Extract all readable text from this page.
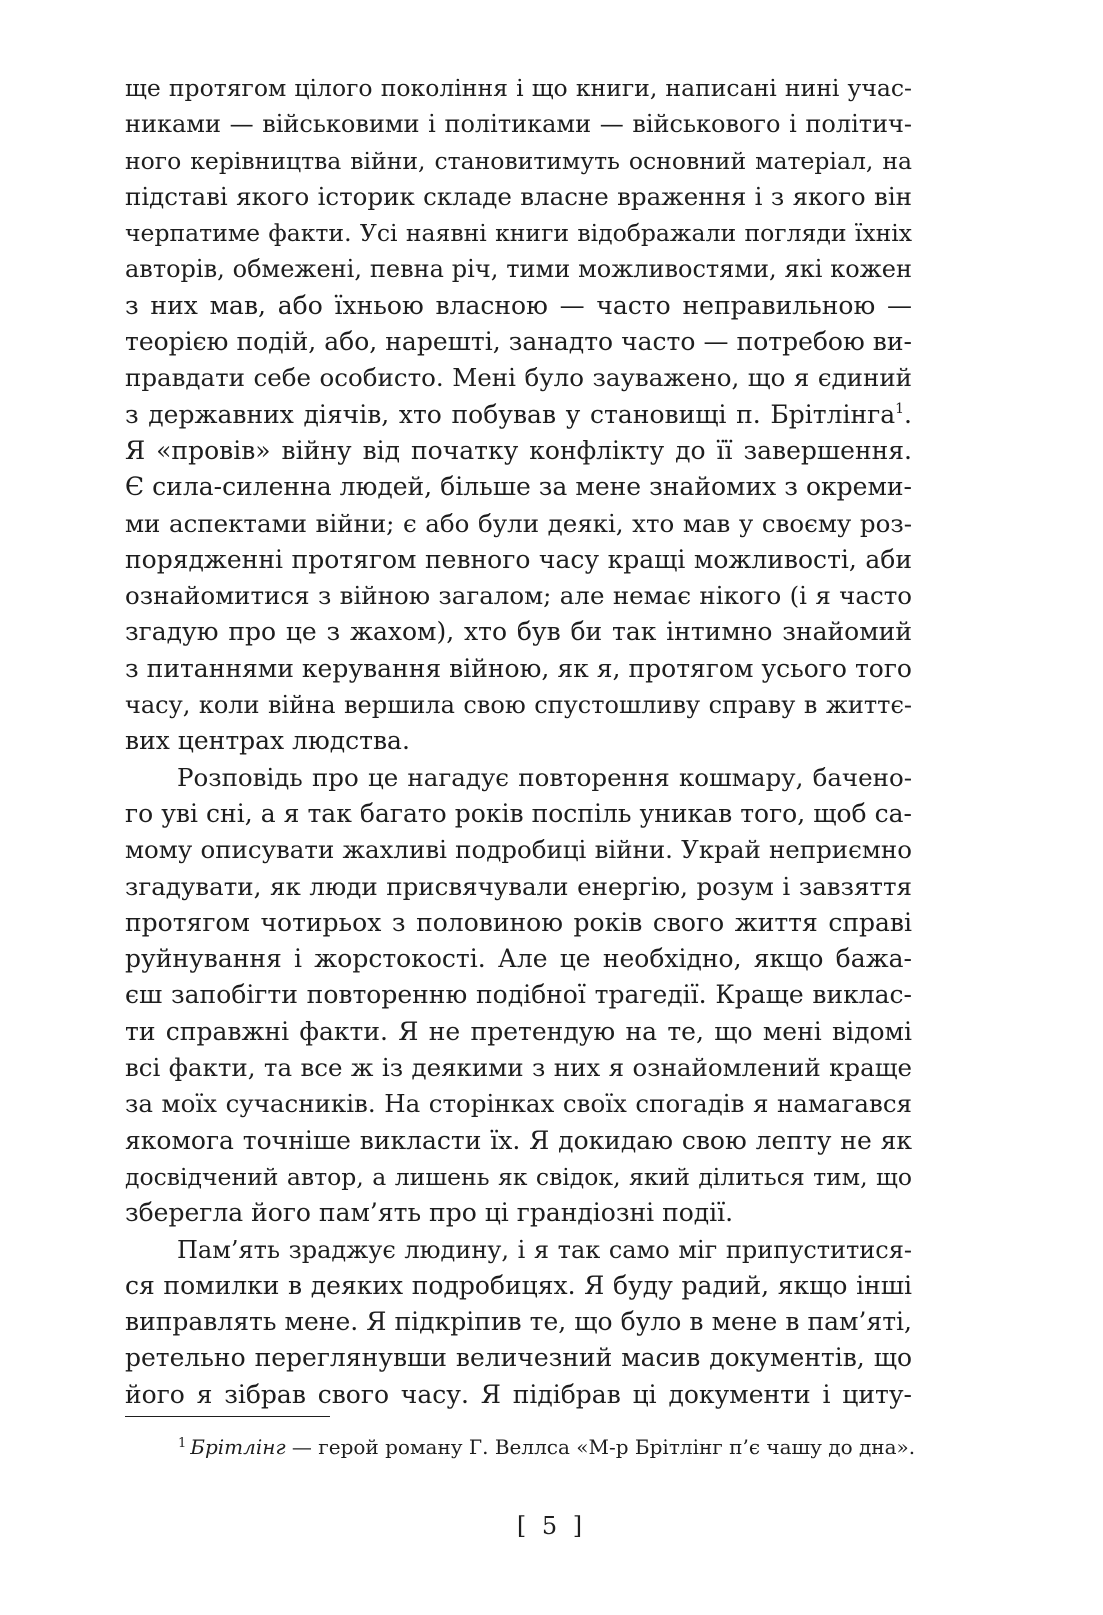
ще протягом цілого покоління і що книги, написані нині учас-
никами — військовими і політиками — військового і політич-
ного керівництва війни, становитимуть основний матеріал, на
підставі якого історик складе власне враження і з якого він
черпатиме факти. Усі наявні книги відображали погляди їхніх
авторів, обмежені, певна річ, тими можливостями, які кожен
з них мав, або їхньою власною — часто неправильною —
теорією подій, або, нарешті, занадто часто — потребою ви-
правдати себе особисто. Мені було зауважено, що я єдиний
з державних діячів, хто побував у становищі п. Брітлінга$^1$.
Я «провів» війну від початку конфлікту до її завершення.
Є сила-силенна людей, більше за мене знайомих з окреми-
ми аспектами війни; є або були деякі, хто мав у своєму роз-
порядженні протягом певного часу кращі можливості, аби
ознайомитися з війною загалом; але немає нікого (і я часто
згадую про це з жахом), хто був би так інтимно знайомий
з питаннями керування війною, як я, протягом усього того
часу, коли війна вершила свою спустошливу справу в життє-
вих центрах людства.
Розповідь про це нагадує повторення кошмару, бачено-
го уві сні, а я так багато років поспіль уникав того, щоб са-
мому описувати жахливі подробиці війни. Украй неприємно
згадувати, як люди присвячували енергію, розум і завзяття
протягом чотирьох з половиною років свого життя справі
руйнування і жорстокості. Але це необхідно, якщо бажа-
єш запобігти повторенню подібної трагедії. Краще виклас-
ти справжні факти. Я не претендую на те, що мені відомі
всі факти, та все ж із деякими з них я ознайомлений краще
за моїх сучасників. На сторінках своїх спогадів я намагався
якомога точніше викласти їх. Я докидаю свою лепту не як
досвідчений автор, а лишень як свідок, який ділиться тим, що
зберегла його пам’ять про ці грандіозні події.
Пам’ять зраджує людину, і я так само міг припуститися-
ся помилки в деяких подробицях. Я буду радий, якщо інші
виправлять мене. Я підкріпив те, що було в мене в пам’яті,
ретельно переглянувши величезний масив документів, що
його я зібрав свого часу. Я підібрав ці документи і циту-
$^1$ Брітлінг — герой роману Г. Веллса «М-р Брітлінг п’є чашу до дна».
[ 5 ]
